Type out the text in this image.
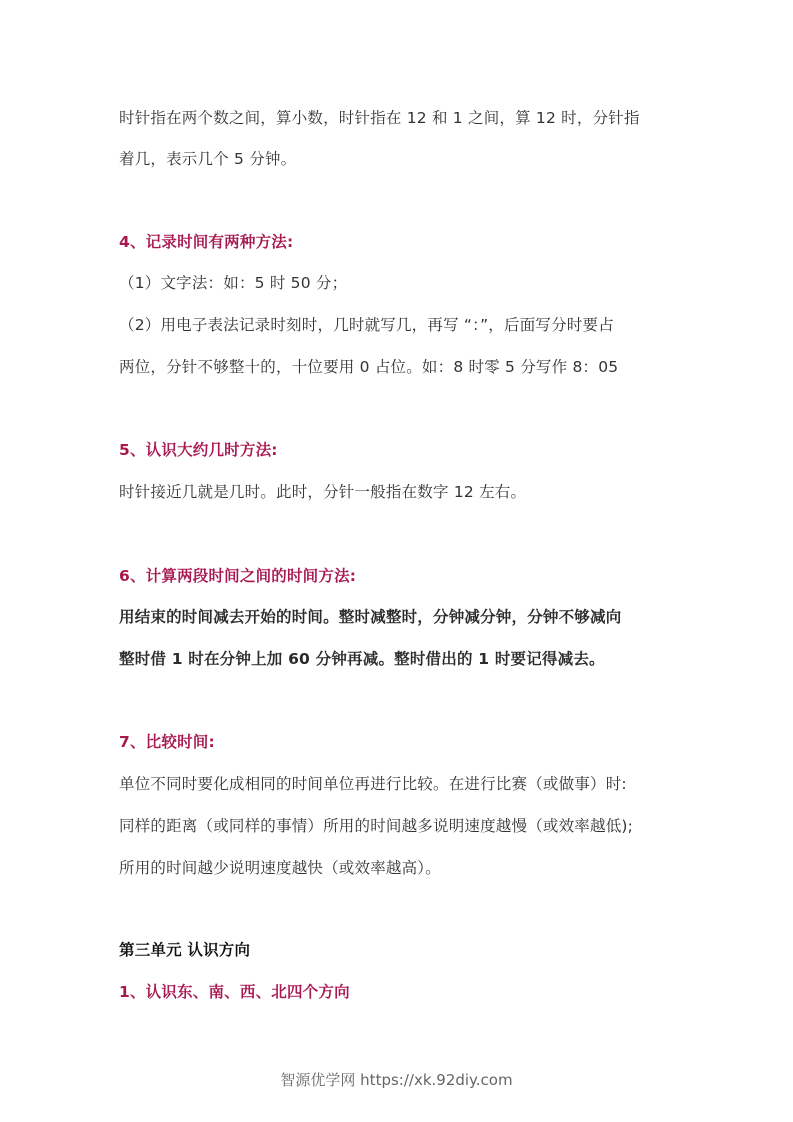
时针指在两个数之间，算小数，时针指在 12 和 1 之间，算 12 时，分针指
着几，表示几个 5 分钟。
4、记录时间有两种方法:
（1）文字法：如：5 时 50 分；
（2）用电子表法记录时刻时，几时就写几，再写 “：”，后面写分时要占
两位，分针不够整十的，十位要用 0 占位。如：8 时零 5 分写作 8：05
5、认识大约几时方法:
时针接近几就是几时。此时，分针一般指在数字 12 左右。
6、计算两段时间之间的时间方法:
用结束的时间减去开始的时间。整时减整时，分钟减分钟，分钟不够减向
整时借 1 时在分钟上加 60 分钟再减。整时借出的 1 时要记得减去。
7、比较时间:
单位不同时要化成相同的时间单位再进行比较。在进行比赛（或做事）时:
同样的距离（或同样的事情）所用的时间越多说明速度越慢（或效率越低);
所用的时间越少说明速度越快（或效率越高）。
第三单元 认识方向
1、认识东、南、西、北四个方向
智源优学网 https://xk.92diy.com
